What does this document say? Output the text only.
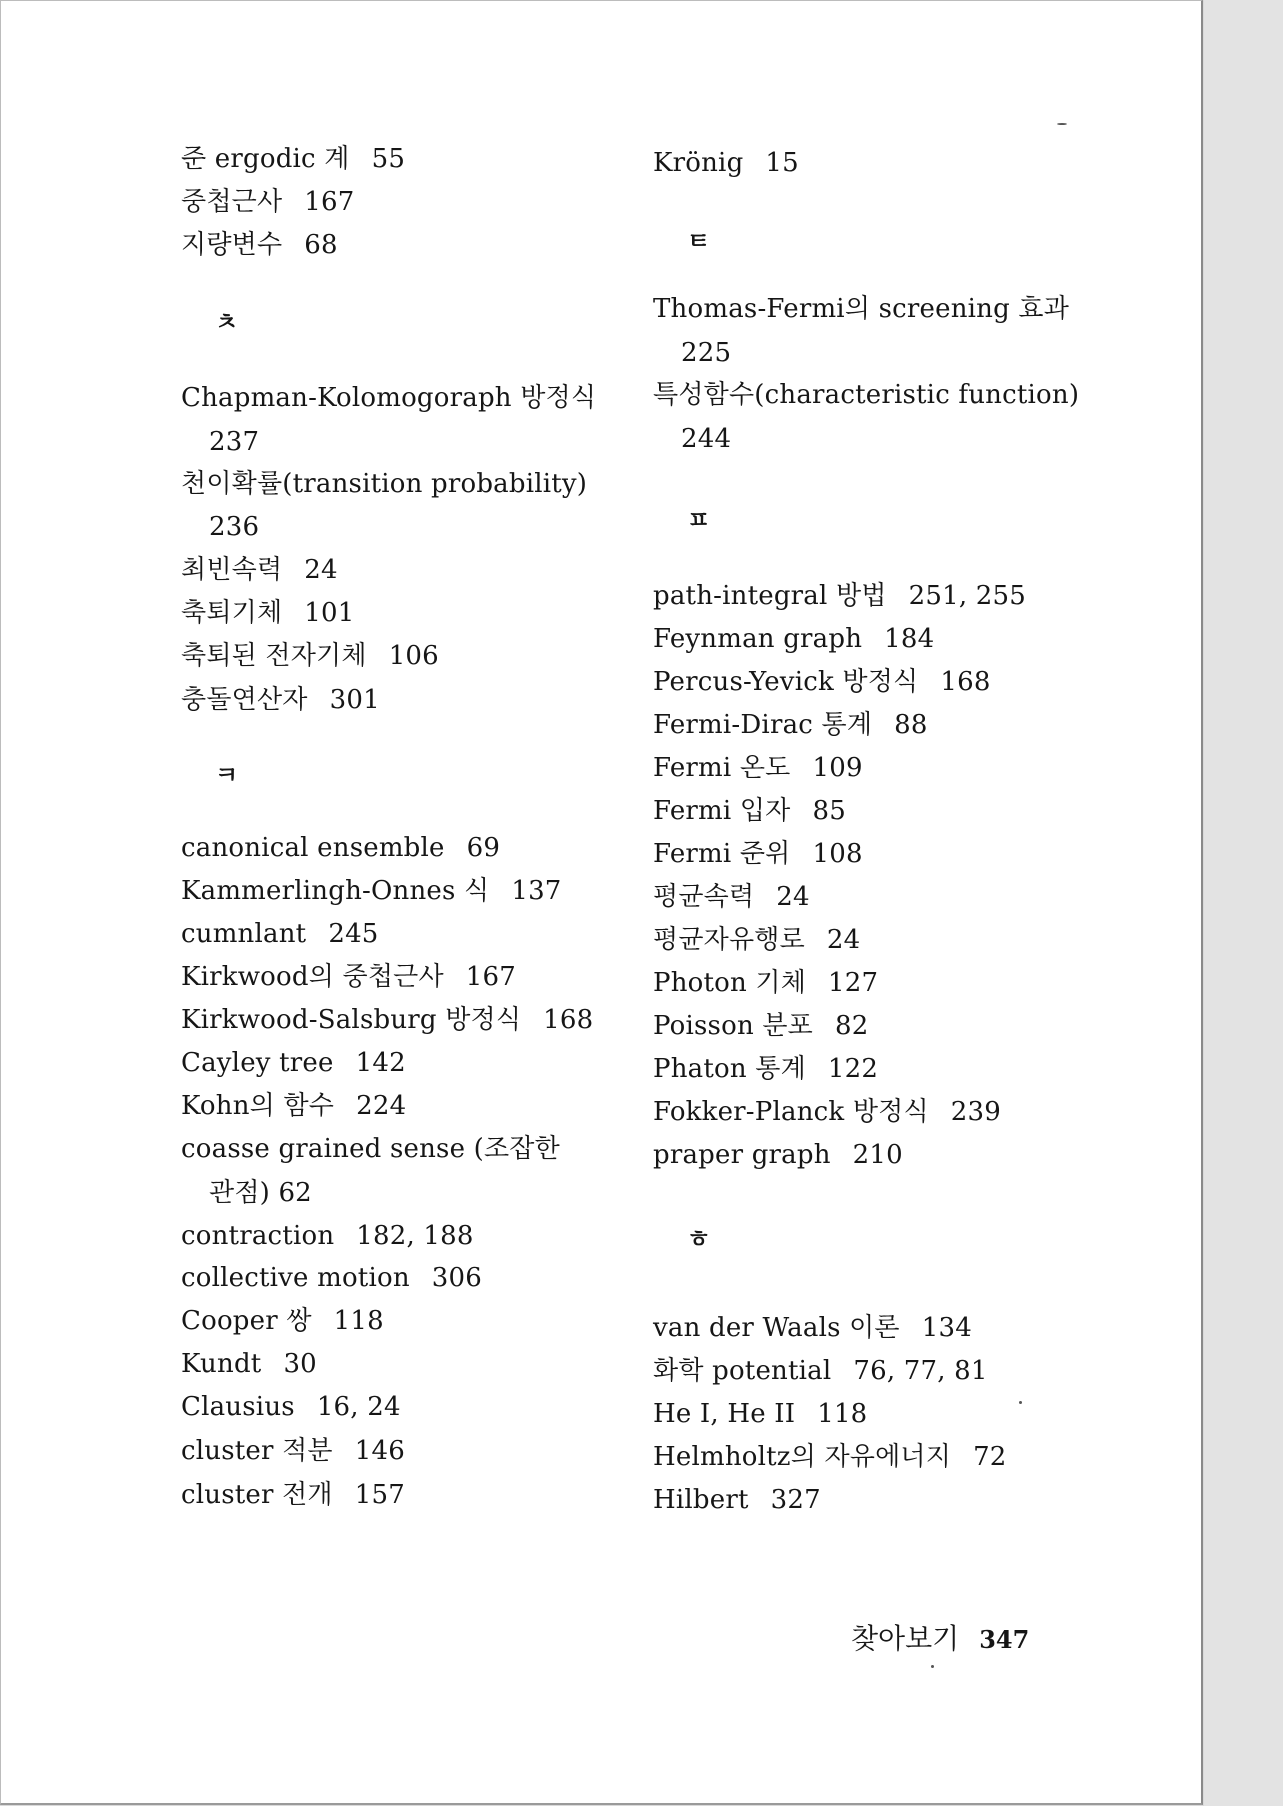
준 ergodic 계 55
중첩근사 167
지량변수 68
ㅊ
Chapman-Kolomogoraph 방정식
237
천이확률(transition probability)
236
최빈속력 24
축퇴기체 101
축퇴된 전자기체 106
충돌연산자 301
ㅋ
canonical ensemble 69
Kammerlingh-Onnes 식 137
cumnlant 245
Kirkwood의 중첩근사 167
Kirkwood-Salsburg 방정식 168
Cayley tree 142
Kohn의 함수 224
coasse grained sense (조잡한
관점) 62
contraction 182, 188
collective motion 306
Cooper 쌍 118
Kundt 30
Clausius 16, 24
cluster 적분 146
cluster 전개 157
Krönig 15
ㅌ
Thomas-Fermi의 screening 효과
225
특성함수(characteristic function)
244
ㅍ
path-integral 방법 251, 255
Feynman graph 184
Percus-Yevick 방정식 168
Fermi-Dirac 통계 88
Fermi 온도 109
Fermi 입자 85
Fermi 준위 108
평균속력 24
평균자유행로 24
Photon 기체 127
Poisson 분포 82
Phaton 통계 122
Fokker-Planck 방정식 239
praper graph 210
ㅎ
van der Waals 이론 134
화학 potential 76, 77, 81
He I, He II 118
Helmholtz의 자유에너지 72
Hilbert 327
찾아보기 347
